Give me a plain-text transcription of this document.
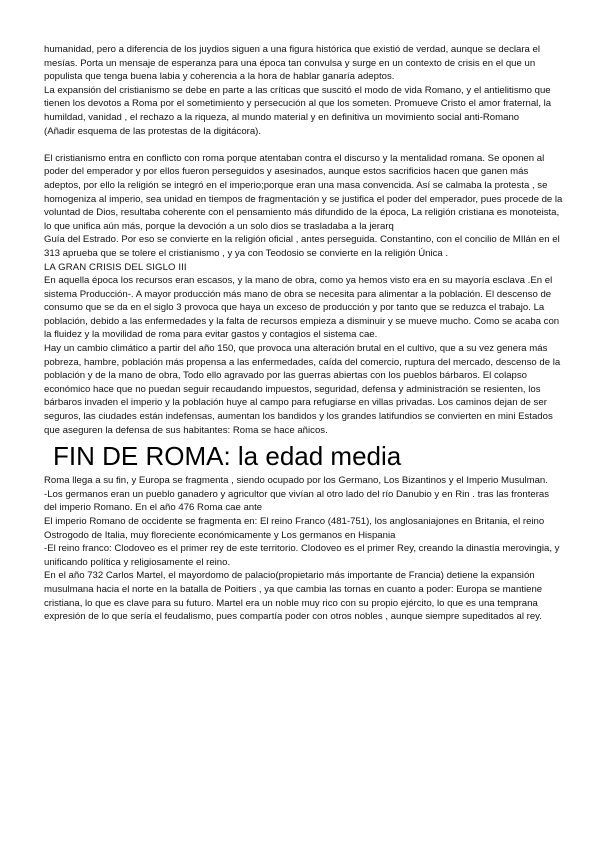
humanidad, pero a diferencia de los juydios siguen a una figura histórica que existió de verdad, aunque se declara el mesías. Porta un mensaje de esperanza para una época tan convulsa y surge en un contexto de crisis en el que un populista que tenga buena labia y coherencia a la hora de hablar ganaría adeptos.

La expansión del cristianismo se debe en parte a las críticas que suscitó el modo de vida Romano, y el antielitismo que tienen los devotos a Roma por el sometimiento y persecución al que los someten. Promueve Cristo el amor fraternal, la humildad, vanidad , el rechazo a la riqueza, al mundo material y en definitiva un movimiento social anti-Romano

(Añadir esquema de las protestas de la digitácora).

El cristianismo entra en conflicto con roma porque atentaban contra el discurso y la mentalidad romana. Se oponen al poder del emperador y por ellos fueron perseguidos y asesinados, aunque estos sacrificios hacen que ganen más adeptos, por ello la religión se integró en el imperio;porque eran una masa convencida. Así se calmaba la protesta , se homogeniza al imperio, sea unidad en tiempos de fragmentación y se justifica el poder del emperador, pues procede de la voluntad de Dios, resultaba coherente con el pensamiento más difundido de la época, La religión cristiana es monoteista, lo que unifica aún más, porque la devoción a un solo dios se trasladaba a la jerarq

Guía del Estrado. Por eso se convierte en la religión oficial , antes perseguida. Constantino, con el concilio de MIlán en el 313 aprueba que se tolere el cristianismo , y ya con Teodosio se convierte en la religión Única .

LA GRAN CRISIS DEL SIGLO III

En aquella época los recursos eran escasos, y la mano de obra, como ya hemos visto era en su mayoría esclava .En el sistema Producción-. A mayor producción más mano de obra se necesita para alimentar a la población. El descenso de consumo que se da en el siglo 3 provoca que haya un exceso de producción y por tanto que se reduzca el trabajo. La población, debido a las enfermedades y la falta de recursos empieza a disminuir y se mueve mucho. Como se acaba con la fluidez y la movilidad de roma para evitar gastos y contagios el sistema cae.

Hay un cambio climático a partir del año 150, que provoca una alteración brutal en el cultivo, que a su vez genera más pobreza, hambre, población más propensa a las enfermedades, caída del comercio, ruptura del mercado, descenso de la población y de la mano de obra, Todo ello agravado por las guerras abiertas con los pueblos bárbaros. El colapso económico hace que no puedan seguir recaudando impuestos, seguridad, defensa y administración se resienten, los bárbaros invaden el imperio y la población huye al campo para refugiarse en villas privadas. Los caminos dejan de ser seguros, las ciudades están indefensas, aumentan los bandidos y los grandes latifundios se convierten en mini Estados que aseguren la defensa de sus habitantes: Roma se hace añicos.

FIN DE ROMA: la edad media

Roma llega a su fin, y Europa se fragmenta , siendo ocupado por los Germano, Los Bizantinos y el Imperio Musulman.

-Los germanos eran un pueblo ganadero y agricultor que vivían al otro lado del río Danubio y en Rin . tras las fronteras del imperio Romano. En el año 476 Roma cae ante

El imperio Romano de occidente se fragmenta en: El reino Franco (481-751), los anglosaniajones en Britania, el reino Ostrogodo de Italia, muy floreciente económicamente y Los germanos en Hispania

-El reino franco: Clodoveo es el primer rey de este territorio. Clodoveo es el primer Rey, creando la dinastía merovingia, y unificando política y religiosamente el reino.

En el año 732 Carlos Martel, el mayordomo de palacio(propietario más importante de Francia) detiene la expansión musulmana hacia el norte en la batalla de Poitiers , ya que cambia las tornas en cuanto a poder: Europa se mantiene cristiana, lo que es clave para su futuro. Martel era un noble muy rico con su propio ejército, lo que es una temprana expresión de lo que sería el feudalismo, pues compartía poder con otros nobles , aunque siempre supeditados al rey.
